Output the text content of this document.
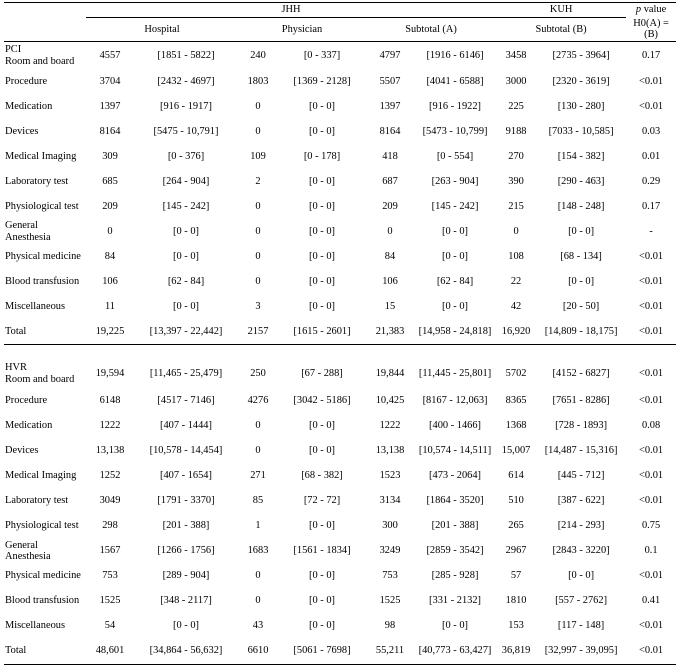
	JHH						KUH		p value
	Hospital		Physician		Subtotal (A)		Subtotal (B)		H0(A) = (B)

PCI
Room and board	4557	[1851 - 5822]	240	[0 - 337]	4797	[1916 - 6146]	3458	[2735 - 3964]	0.17

Procedure	3704	[2432 - 4697]	1803	[1369 - 2128]	5507	[4041 - 6588]	3000	[2320 - 3619]	<0.01

Medication	1397	[916 - 1917]	0	[0 - 0]	1397	[916 - 1922]	225	[130 - 280]	<0.01

Devices	8164	[5475 - 10,791]	0	[0 - 0]	8164	[5473 - 10,799]	9188	[7033 - 10,585]	0.03

Medical Imaging	309	[0 - 376]	109	[0 - 178]	418	[0 - 554]	270	[154 - 382]	0.01

Laboratory test	685	[264 - 904]	2	[0 - 0]	687	[263 - 904]	390	[290 - 463]	0.29

Physiological test	209	[145 - 242]	0	[0 - 0]	209	[145 - 242]	215	[148 - 248]	0.17

General Anesthesia	0	[0 - 0]	0	[0 - 0]	0	[0 - 0]	0	[0 - 0]	-

Physical medicine	84	[0 - 0]	0	[0 - 0]	84	[0 - 0]	108	[68 - 134]	<0.01

Blood transfusion	106	[62 - 84]	0	[0 - 0]	106	[62 - 84]	22	[0 - 0]	<0.01

Miscellaneous	11	[0 - 0]	3	[0 - 0]	15	[0 - 0]	42	[20 - 50]	<0.01

Total	19,225	[13,397 - 22,442]	2157	[1615 - 2601]	21,383	[14,958 - 24,818]	16,920	[14,809 - 18,175]	<0.01

HVR
Room and board	19,594	[11,465 - 25,479]	250	[67 - 288]	19,844	[11,445 - 25,801]	5702	[4152 - 6827]	<0.01

Procedure	6148	[4517 - 7146]	4276	[3042 - 5186]	10,425	[8167 - 12,063]	8365	[7651 - 8286]	<0.01

Medication	1222	[407 - 1444]	0	[0 - 0]	1222	[400 - 1466]	1368	[728 - 1893]	0.08

Devices	13,138	[10,578 - 14,454]	0	[0 - 0]	13,138	[10,574 - 14,511]	15,007	[14,487 - 15,316]	<0.01

Medical Imaging	1252	[407 - 1654]	271	[68 - 382]	1523	[473 - 2064]	614	[445 - 712]	<0.01

Laboratory test	3049	[1791 - 3370]	85	[72 - 72]	3134	[1864 - 3520]	510	[387 - 622]	<0.01

Physiological test	298	[201 - 388]	1	[0 - 0]	300	[201 - 388]	265	[214 - 293]	0.75

General Anesthesia	1567	[1266 - 1756]	1683	[1561 - 1834]	3249	[2859 - 3542]	2967	[2843 - 3220]	0.1

Physical medicine	753	[289 - 904]	0	[0 - 0]	753	[285 - 928]	57	[0 - 0]	<0.01

Blood transfusion	1525	[348 - 2117]	0	[0 - 0]	1525	[331 - 2132]	1810	[557 - 2762]	0.41

Miscellaneous	54	[0 - 0]	43	[0 - 0]	98	[0 - 0]	153	[117 - 148]	<0.01

Total	48,601	[34,864 - 56,632]	6610	[5061 - 7698]	55,211	[40,773 - 63,427]	36,819	[32,997 - 39,095]	<0.01
